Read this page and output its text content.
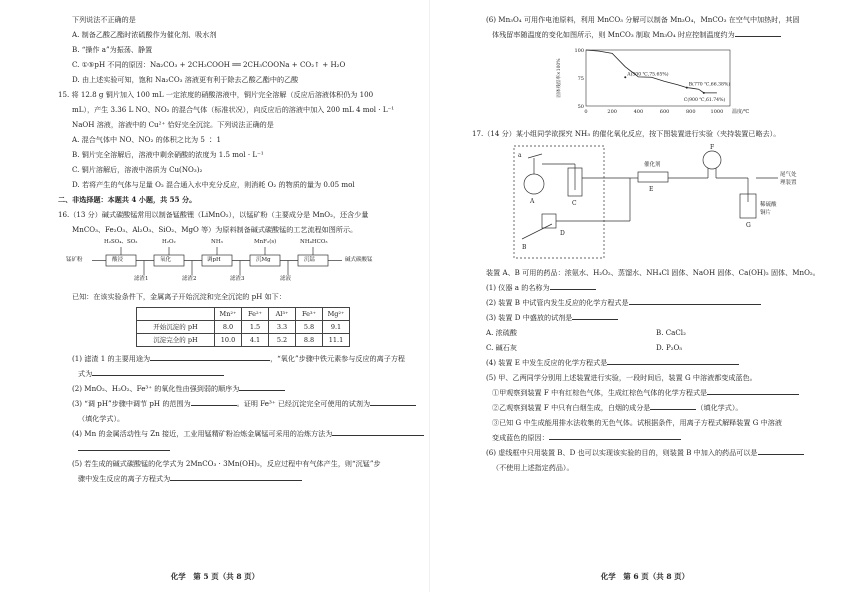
下列说法不正确的是
A. 制备乙酸乙酯时浓硫酸作为催化剂、吸水剂
B. “操作 a”为振荡、静置
C. ①⑤pH 不同的原因：Na₂CO₃ + 2CH₃COOH ══ 2CH₃COONa + CO₂↑ + H₂O
D. 由上述实验可知，饱和 Na₂CO₃ 溶液更有利于除去乙酸乙酯中的乙酸
15. 将 12.8 g 铜片加入 100 mL 一定浓度的硝酸溶液中，铜片完全溶解（反应后溶液体积仍为 100
mL），产生 3.36 L NO、NO₂ 的混合气体（标准状况），向反应后的溶液中加入 200 mL 4 mol · L⁻¹
NaOH 溶液，溶液中的 Cu²⁺ 恰好完全沉淀。下列说法正确的是
A. 混合气体中 NO、NO₂ 的体积之比为 5 ∶ 1
B. 铜片完全溶解后，溶液中剩余硝酸的浓度为 1.5 mol · L⁻¹
C. 铜片溶解后，溶液中溶质为 Cu(NO₃)₂
D. 若将产生的气体与足量 O₂ 混合通入水中充分反应，则消耗 O₂ 的物质的量为 0.05 mol
二、非选择题：本题共 4 小题，共 55 分。
16.（13 分）碱式碳酸锰常用以制备锰酸锂（LiMnO₂），以锰矿粉（主要成分是 MnO₂，还含少量
MnCO₃、Fe₂O₃、Al₂O₃、SiO₂、MgO 等）为原料制备碱式碳酸锰的工艺流程如图所示。
锰矿粉
H₂SO₄、SO₂	H₂O₂	NH₃	MnF₂(s)	NH₄HCO₃
酸浸	氧化	调pH	沉Mg	沉锰	碱式碳酸锰
滤渣1	滤渣2	滤渣3	滤液
已知：在该实验条件下，金属离子开始沉淀和完全沉淀的 pH 如下：
	Mn²⁺	Fe²⁺	Al³⁺	Fe³⁺	Mg²⁺
开始沉淀的 pH	8.0	1.5	3.3	5.8	9.1
沉淀完全的 pH	10.0	4.1	5.2	8.8	11.1
(1) 滤渣 1 的主要用途为	，“氧化”步骤中铁元素参与反应的离子方程
式为
(2) MnO₂、H₂O₂、Fe³⁺ 的氧化性由强到弱的顺序为
(3) “调 pH”步骤中调节 pH 的范围为	。证明 Fe³⁺ 已经沉淀完全可使用的试剂为
（填化学式）。
(4) Mn 的金属活动性与 Zn 接近，工业用锰精矿粉冶炼金属锰可采用的冶炼方法为
(5) 若生成的碱式碳酸锰的化学式为 2MnCO₃ · 3Mn(OH)₂，反应过程中有气体产生，则“沉锰”步
骤中发生反应的离子方程式为
化学　第 5 页（共 8 页）
(6) Mn₃O₄ 可用作电池原料，利用 MnCO₃ 分解可以制备 Mn₃O₄，MnCO₃ 在空气中加热时，其固
体残留率随温度的变化如图所示，则 MnCO₃ 制取 Mn₃O₄ 时应控制温度约为
0	200	400	600	800	1000
100
75
50
温度/℃
固体残留率×100%	A(300 ℃,75.65%)
B(770 ℃,66.38%)
C(900 ℃,61.74%)
17.（14 分）某小组同学欲探究 NH₃ 的催化氧化反应，按下图装置进行实验（夹持装置已略去）。
a
A	C
D
B
催化剂
E
F
稀硫酸
铜片
G
尾气处
理装置
装置 A、B 可用的药品：浓氨水、H₂O₂、蒸馏水、NH₄Cl 固体、NaOH 固体、Ca(OH)₂ 固体、MnO₂。
(1) 仪器 a 的名称为
(2) 装置 B 中试管内发生反应的化学方程式是
(3) 装置 D 中盛放的试剂是
A. 浓硫酸	B. CaCl₂
C. 碱石灰	D. P₂O₅
(4) 装置 E 中发生反应的化学方程式是
(5) 甲、乙两同学分别用上述装置进行实验，一段时间后，装置 G 中溶液都变成蓝色。
①甲观察到装置 F 中有红棕色气体，生成红棕色气体的化学方程式是
②乙观察到装置 F 中只有白烟生成，白烟的成分是	（填化学式）。
③已知 G 中生成能用排水法收集的无色气体。试根据条件，用离子方程式解释装置 G 中溶液
变成蓝色的原因：
(6) 虚线框中只用装置 B、D 也可以实现该实验的目的，则装置 B 中加入的药品可以是
（不使用上述指定药品）。
化学　第 6 页（共 8 页）
